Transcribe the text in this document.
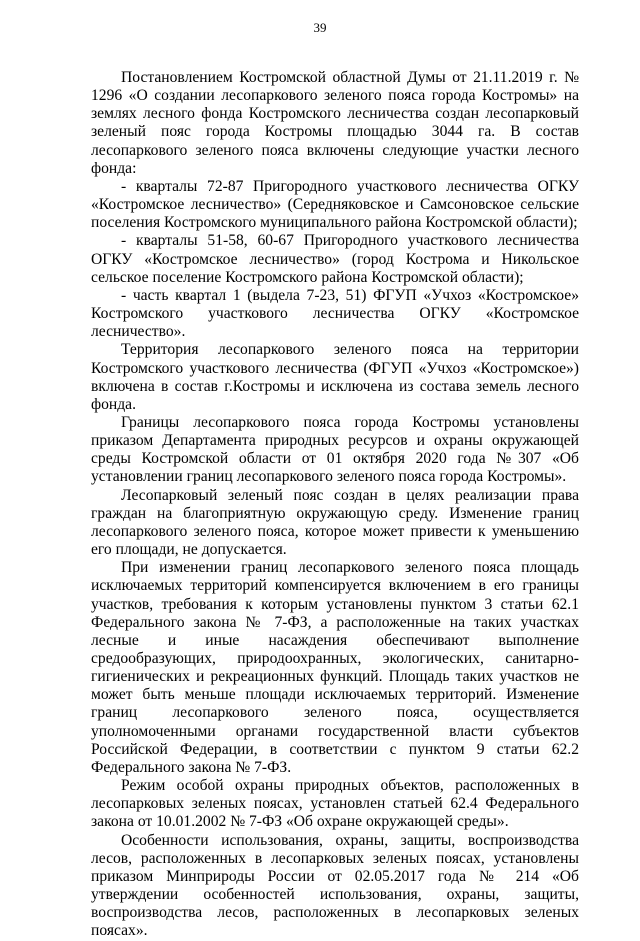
39

Постановлением Костромской областной Думы от 21.11.2019 г. № 1296 «О создании лесопаркового зеленого пояса города Костромы» на землях лесного фонда Костромского лесничества создан лесопарковый зеленый пояс города Костромы площадью 3044 га. В состав лесопаркового зеленого пояса включены следующие участки лесного фонда:

- кварталы 72-87 Пригородного участкового лесничества ОГКУ «Костромское лесничество» (Середняковское и Самсоновское сельские поселения Костромского муниципального района Костромской области);

- кварталы 51-58, 60-67 Пригородного участкового лесничества ОГКУ «Костромское лесничество» (город Кострома и Никольское сельское поселение Костромского района Костромской области);

- часть квартал 1 (выдела 7-23, 51) ФГУП «Учхоз «Костромское» Костромского участкового лесничества ОГКУ «Костромское лесничество».

Территория лесопаркового зеленого пояса на территории Костромского участкового лесничества (ФГУП «Учхоз «Костромское») включена в состав г.Костромы и исключена из состава земель лесного фонда.

Границы лесопаркового пояса города Костромы установлены приказом Департамента природных ресурсов и охраны окружающей среды Костромской области от 01 октября 2020 года №307 «Об установлении границ лесопаркового зеленого пояса города Костромы».

Лесопарковый зеленый пояс создан в целях реализации права граждан на благоприятную окружающую среду. Изменение границ лесопаркового зеленого пояса, которое может привести к уменьшению его площади, не допускается.

При изменении границ лесопаркового зеленого пояса площадь исключаемых территорий компенсируется включением в его границы участков, требования к которым установлены пунктом 3 статьи 62.1 Федерального закона № 7-ФЗ, а расположенные на таких участках лесные и иные насаждения обеспечивают выполнение средообразующих, природоохранных, экологических, санитарно-гигиенических и рекреационных функций. Площадь таких участков не может быть меньше площади исключаемых территорий. Изменение границ лесопаркового зеленого пояса, осуществляется уполномоченными органами государственной власти субъектов Российской Федерации, в соответствии с пунктом 9 статьи 62.2 Федерального закона № 7-ФЗ.

Режим особой охраны природных объектов, расположенных в лесопарковых зеленых поясах, установлен статьей 62.4 Федерального закона от 10.01.2002 № 7-ФЗ «Об охране окружающей среды».

Особенности использования, охраны, защиты, воспроизводства лесов, расположенных в лесопарковых зеленых поясах, установлены приказом Минприроды России от 02.05.2017 года № 214 «Об утверждении особенностей использования, охраны, защиты, воспроизводства лесов, расположенных в лесопарковых зеленых поясах».
